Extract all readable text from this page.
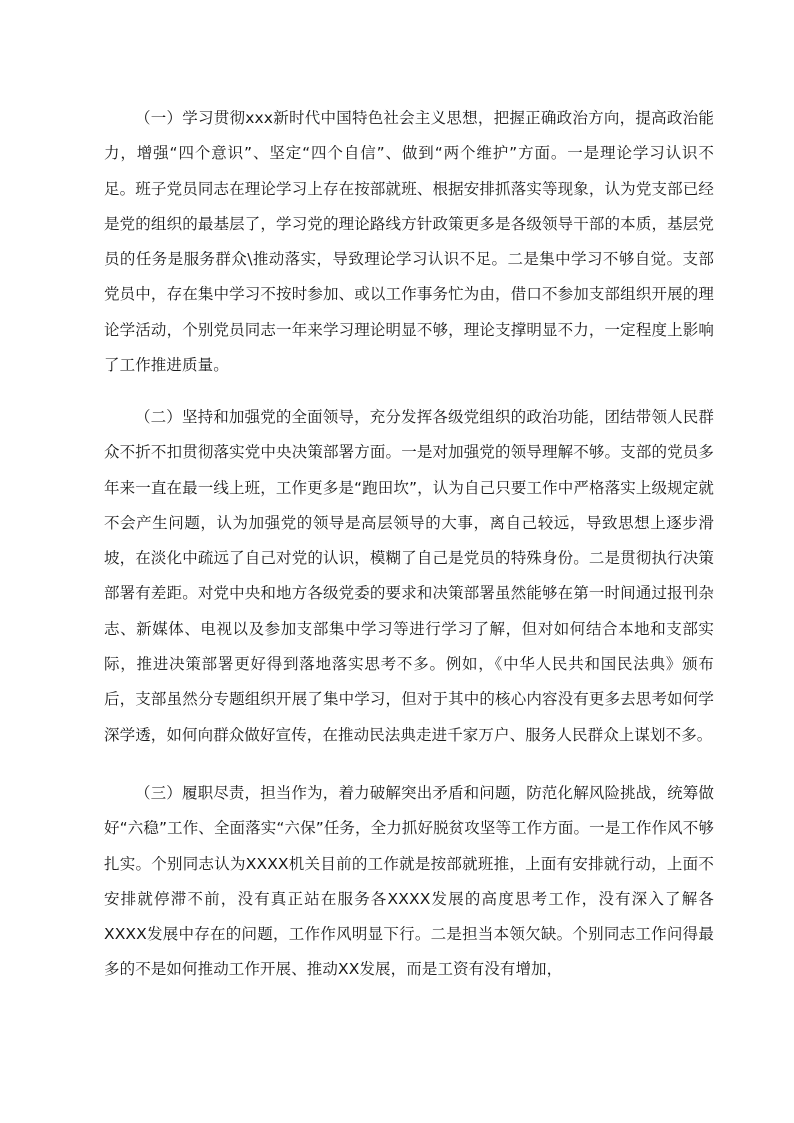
（一）学习贯彻xxx新时代中国特色社会主义思想，把握正确政治方向，提高政治能力，增强“四个意识”、坚定“四个自信”、做到“两个维护”方面。一是理论学习认识不足。班子党员同志在理论学习上存在按部就班、根据安排抓落实等现象，认为党支部已经是党的组织的最基层了，学习党的理论路线方针政策更多是各级领导干部的本质，基层党员的任务是服务群众\推动落实，导致理论学习认识不足。二是集中学习不够自觉。支部党员中，存在集中学习不按时参加、或以工作事务忙为由，借口不参加支部组织开展的理论学活动，个别党员同志一年来学习理论明显不够，理论支撑明显不力，一定程度上影响了工作推进质量。

（二）坚持和加强党的全面领导，充分发挥各级党组织的政治功能，团结带领人民群众不折不扣贯彻落实党中央决策部署方面。一是对加强党的领导理解不够。支部的党员多年来一直在最一线上班，工作更多是“跑田坎”，认为自己只要工作中严格落实上级规定就不会产生问题，认为加强党的领导是高层领导的大事，离自己较远，导致思想上逐步滑坡，在淡化中疏远了自己对党的认识，模糊了自己是党员的特殊身份。二是贯彻执行决策部署有差距。对党中央和地方各级党委的要求和决策部署虽然能够在第一时间通过报刊杂志、新媒体、电视以及参加支部集中学习等进行学习了解，但对如何结合本地和支部实际，推进决策部署更好得到落地落实思考不多。例如，《中华人民共和国民法典》颁布后，支部虽然分专题组织开展了集中学习，但对于其中的核心内容没有更多去思考如何学深学透，如何向群众做好宣传，在推动民法典走进千家万户、服务人民群众上谋划不多。

（三）履职尽责，担当作为，着力破解突出矛盾和问题，防范化解风险挑战，统筹做好“六稳”工作、全面落实“六保”任务，全力抓好脱贫攻坚等工作方面。一是工作作风不够扎实。个别同志认为XXXX机关目前的工作就是按部就班推，上面有安排就行动，上面不安排就停滞不前，没有真正站在服务各XXXX发展的高度思考工作，没有深入了解各XXXX发展中存在的问题，工作作风明显下行。二是担当本领欠缺。个别同志工作问得最多的不是如何推动工作开展、推动XX发展，而是工资有没有增加，
